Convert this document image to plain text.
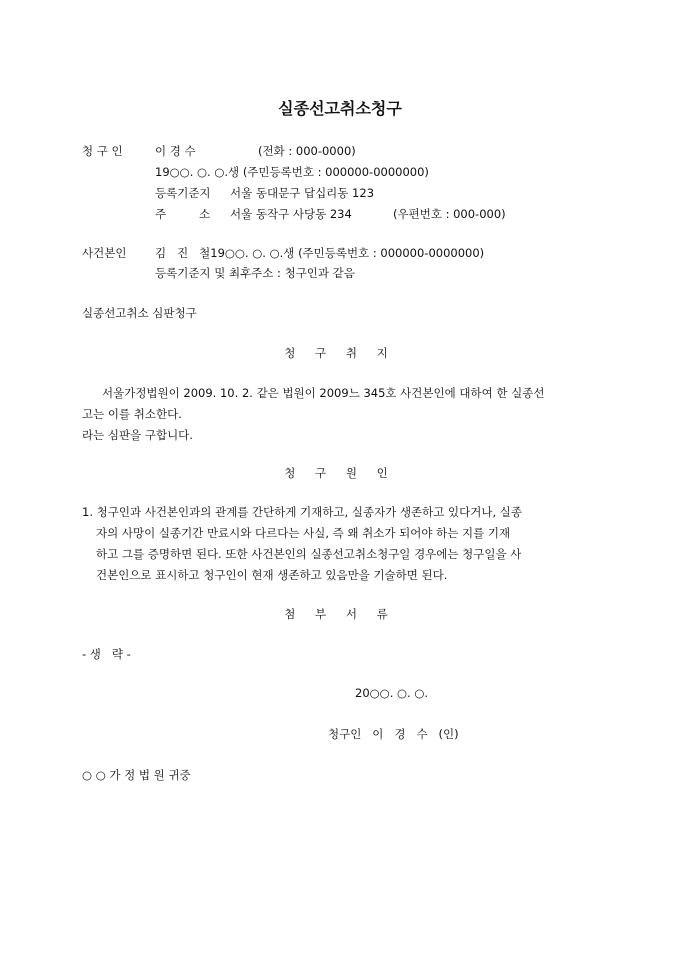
실종선고취소청구
청 구 인	이 경 수	(전화 : 000-0000)
19○○. ○. ○.생 (주민등록번호 : 000000-0000000)
등록기준지 서울 동대문구 답십리동 123
주         소 서울 동작구 사당동 234	(우편번호 : 000-000)
사건본인 김   진   철19○○. ○. ○.생 (주민등록번호 : 000000-0000000)
등록기준지 및 최후주소 : 청구인과 같음
실종선고취소 심판청구
청 구 취 지
서울가정법원이 2009. 10. 2. 같은 법원이 2009느 345호 사건본인에 대하여 한 실종선
고는 이를 취소한다.
라는 심판을 구합니다.
청 구 원 인
1. 청구인과 사건본인과의 관계를 간단하게 기재하고, 실종자가 생존하고 있다거나, 실종
자의 사망이 실종기간 만료시와 다르다는 사실, 즉 왜 취소가 되어야 하는 지를 기재
하고 그를 증명하면 된다. 또한 사건본인의 실종선고취소청구일 경우에는 청구일을 사
건본인으로 표시하고 청구인이 현재 생존하고 있음만을 기술하면 된다.
첨 부 서 류
- 생   략 -
20○○. ○. ○.
청구인   이   경   수   (인)
○ ○ 가 정 법 원 귀중
